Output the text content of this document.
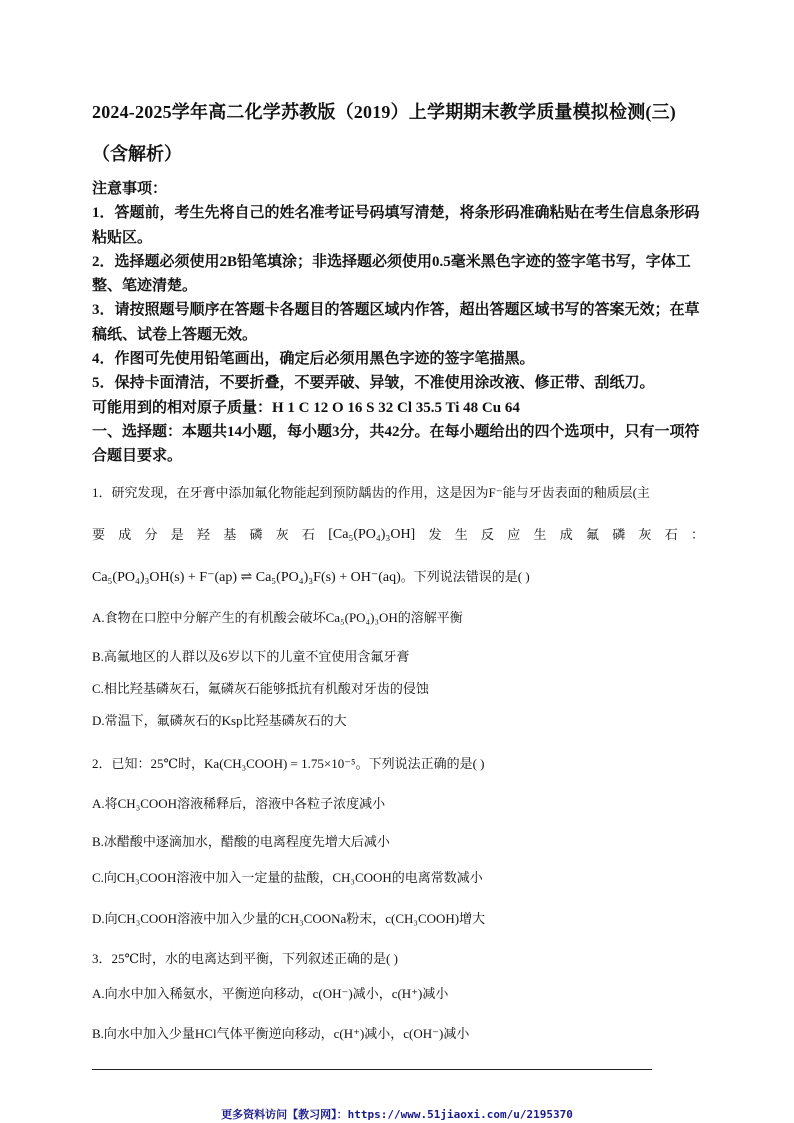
2024-2025学年高二化学苏教版（2019）上学期期末教学质量模拟检测(三)
（含解析）

注意事项：

1．答题前，考生先将自己的姓名准考证号码填写清楚，将条形码准确粘贴在考生信息条形码粘贴区。

2．选择题必须使用2B铅笔填涂；非选择题必须使用0.5毫米黑色字迹的签字笔书写，字体工整、笔迹清楚。

3．请按照题号顺序在答题卡各题目的答题区域内作答，超出答题区域书写的答案无效；在草稿纸、试卷上答题无效。

4．作图可先使用铅笔画出，确定后必须用黑色字迹的签字笔描黑。

5．保持卡面清洁，不要折叠，不要弄破、异皱，不准使用涂改液、修正带、刮纸刀。

可能用到的相对原子质量：H 1 C 12 O 16 S 32 Cl 35.5 Ti 48 Cu 64

一、选择题：本题共14小题，每小题3分，共42分。在每小题给出的四个选项中，只有一项符合题目要求。

1．研究发现，在牙膏中添加氟化物能起到预防龋齿的作用，这是因为F⁻能与牙齿表面的釉质层(主
要 成 分 是 羟 基 磷 灰 石 [Ca₅(PO₄)₃OH] 发 生 反 应 生 成 氟 磷 灰 石 ：
Ca₅(PO₄)₃OH(s) + F⁻(ap) ⇌ Ca₅(PO₄)₃F(s) + OH⁻(aq)。下列说法错误的是( )
A.食物在口腔中分解产生的有机酸会破坏Ca₅(PO₄)₃OH的溶解平衡
B.高氟地区的人群以及6岁以下的儿童不宜使用含氟牙膏
C.相比羟基磷灰石，氟磷灰石能够抵抗有机酸对牙齿的侵蚀
D.常温下，氟磷灰石的Ksp比羟基磷灰石的大
2．已知：25℃时，Ka(CH₃COOH) = 1.75×10⁻⁵。下列说法正确的是( )
A.将CH₃COOH溶液稀释后，溶液中各粒子浓度减小
B.冰醋酸中逐滴加水，醋酸的电离程度先增大后减小
C.向CH₃COOH溶液中加入一定量的盐酸，CH₃COOH的电离常数减小
D.向CH₃COOH溶液中加入少量的CH₃COONa粉末，c(CH₃COOH)增大
3．25℃时，水的电离达到平衡，下列叙述正确的是( )
A.向水中加入稀氨水，平衡逆向移动，c(OH⁻)减小，c(H⁺)减小
B.向水中加入少量HCl气体平衡逆向移动，c(H⁺)减小，c(OH⁻)减小
更多资料访问【教习网】：https://www.51jiaoxi.com/u/2195370
